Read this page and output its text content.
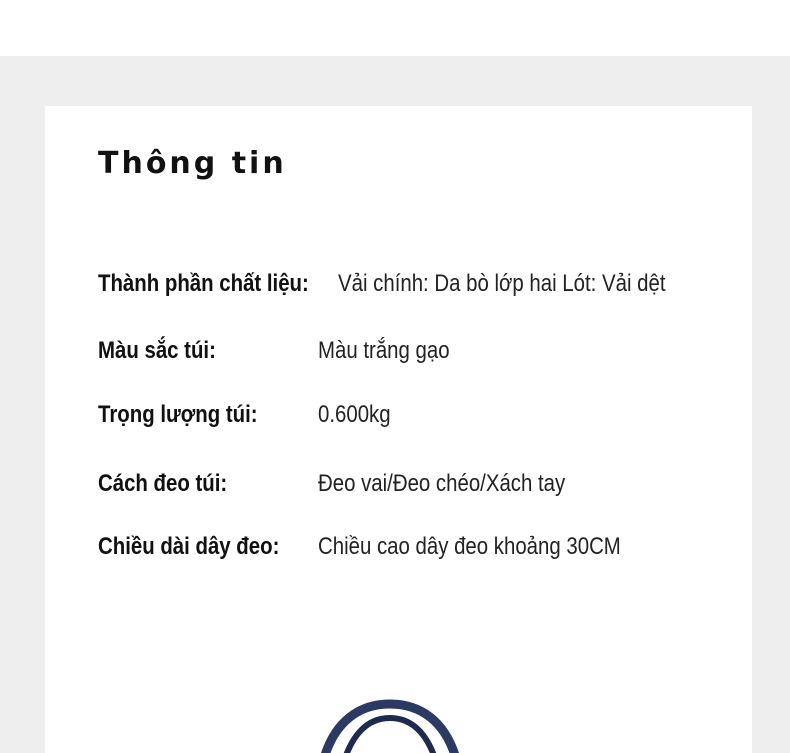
Thông tin
Thành phần chất liệu: Vải chính: Da bò lớp hai Lót: Vải dệt
Màu sắc túi:	Màu trắng gạo
Trọng lượng túi:	0.600kg
Cách đeo túi:	Đeo vai/Đeo chéo/Xách tay
Chiều dài dây đeo: Chiều cao dây đeo khoảng 30CM
